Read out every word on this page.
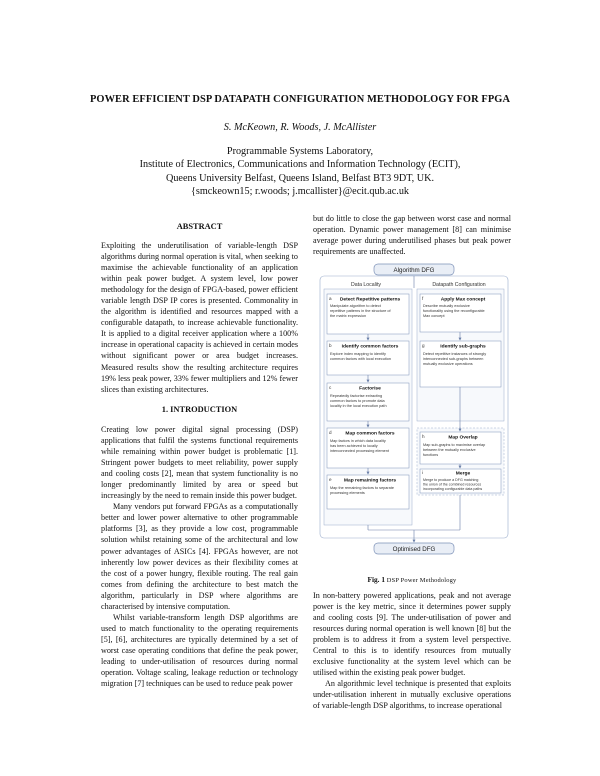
POWER EFFICIENT DSP DATAPATH CONFIGURATION METHODOLOGY FOR FPGA
S. McKeown, R. Woods, J. McAllister
Programmable Systems Laboratory,
Institute of Electronics, Communications and Information Technology (ECIT),
Queens University Belfast, Queens Island, Belfast BT3 9DT, UK.
{smckeown15; r.woods; j.mcallister}@ecit.qub.ac.uk
ABSTRACT

Exploiting the underutilisation of variable-length DSP algorithms during normal operation is vital, when seeking to maximise the achievable functionality of an application within peak power budget. A system level, low power methodology for the design of FPGA-based, power efficient variable length DSP IP cores is presented. Commonality in the algorithm is identified and resources mapped with a configurable datapath, to increase achievable functionality. It is applied to a digital receiver application where a 100% increase in operational capacity is achieved in certain modes without significant power or area budget increases. Measured results show the resulting architecture requires 19% less peak power, 33% fewer multipliers and 12% fewer slices than existing architectures.

1. INTRODUCTION

Creating low power digital signal processing (DSP) applications that fulfil the systems functional requirements while remaining within power budget is problematic [1]. Stringent power budgets to meet reliability, power supply and cooling costs [2], mean that system functionality is no longer predominantly limited by area or speed but increasingly by the need to remain inside this power budget.

Many vendors put forward FPGAs as a computationally better and lower power alternative to other programmable platforms [3], as they provide a low cost, programmable solution whilst retaining some of the architectural and low power advantages of ASICs [4]. FPGAs however, are not inherently low power devices as their flexibility comes at the cost of a power hungry, flexible routing. The real gain comes from defining the architecture to best match the algorithm, particularly in DSP where algorithms are characterised by intensive computation.

Whilst variable-transform length DSP algorithms are used to match functionality to the operating requirements [5], [6], architectures are typically determined by a set of worst case operating conditions that define the peak power, leading to under-utilisation of resources during normal operation. Voltage scaling, leakage reduction or technology migration [7] techniques can be used to reduce peak power

but do little to close the gap between worst case and normal operation. Dynamic power management [8] can minimise average power during underutilised phases but peak power requirements are unaffected.

Algorithm DFG
Data Locality	Datapath Configuration
a Detect Repetitive patterns
Manipulate algorithm to detect repetitive patterns in the structure of the matrix expression
b Identify common factors
Explore index mapping to identify common factors with local execution
c	Factorise
Repeatedly factorise extracting common factors to promote data locality in the local execution path
d	Map common factors
Map factors in which data locality has been achieved to locally interconnected processing element
e	Map remaining factors
Map the remaining factors to separate processing elements
f	Apply Max concept
Describe mutually exclusive functionality using the reconfigurable Max concept
g	Identify sub-graphs
Detect repetitive instances of strongly interconnected sub-graphs between mutually exclusive operations
h	Map Overlap
Map sub-graphs to maximise overlap between the mutually exclusive functions
i	Merge
Merge to produce a DFG matching the union of the combined resources incorporating configurable data paths
Optimised DFG
Fig. 1 DSP Power Methodology

In non-battery powered applications, peak and not average power is the key metric, since it determines power supply and cooling costs [9]. The under-utilisation of power and resources during normal operation is well known [8] but the problem is to address it from a system level perspective. Central to this is to identify resources from mutually exclusive functionality at the system level which can be utilised within the existing peak power budget.

An algorithmic level technique is presented that exploits under-utilisation inherent in mutually exclusive operations of variable-length DSP algorithms, to increase operational
